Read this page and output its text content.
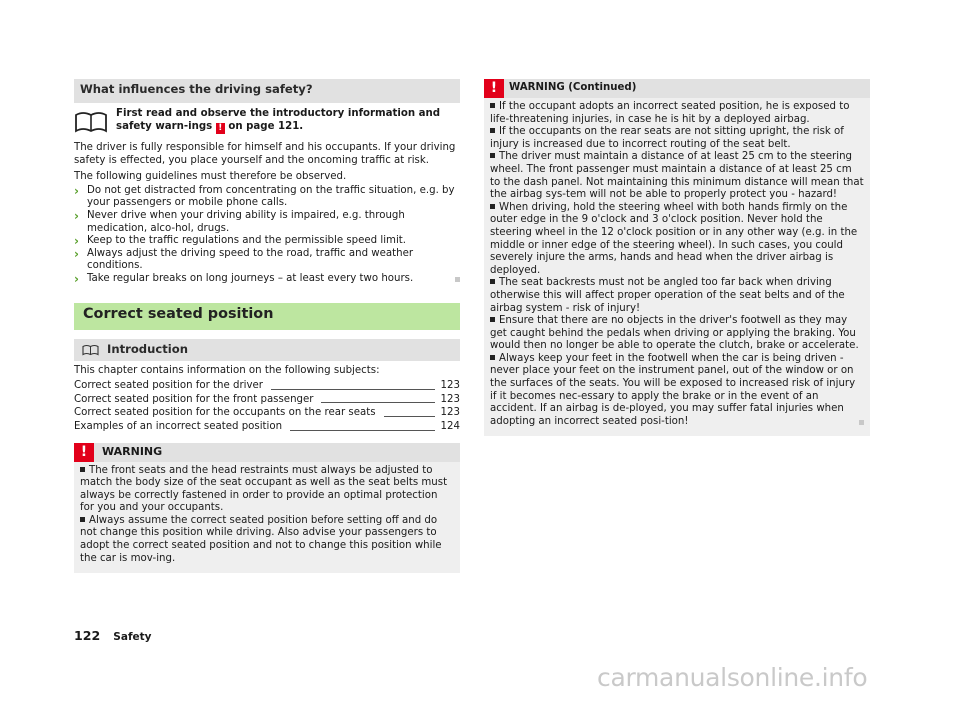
What influences the driving safety?
First read and observe the introductory information and safety warn-ings ! on page 121.

The driver is fully responsible for himself and his occupants. If your driving safety is effected, you place yourself and the oncoming traffic at risk.

The following guidelines must therefore be observed.

› Do not get distracted from concentrating on the traffic situation, e.g. by your passengers or mobile phone calls.
› Never drive when your driving ability is impaired, e.g. through medication, alco-hol, drugs.
› Keep to the traffic regulations and the permissible speed limit.
› Always adjust the driving speed to the road, traffic and weather conditions.
› Take regular breaks on long journeys – at least every two hours.
Correct seated position
Introduction

This chapter contains information on the following subjects:

Correct seated position for the driver	123
Correct seated position for the front passenger	123
Correct seated position for the occupants on the rear seats	123
Examples of an incorrect seated position	124
!	WARNING

The front seats and the head restraints must always be adjusted to match the body size of the seat occupant as well as the seat belts must always be correctly fastened in order to provide an optimal protection for you and your occupants.

Always assume the correct seated position before setting off and do not change this position while driving. Also advise your passengers to adopt the correct seated position and not to change this position while the car is mov-ing.

!	WARNING (Continued)

If the occupant adopts an incorrect seated position, he is exposed to life-threatening injuries, in case he is hit by a deployed airbag.

If the occupants on the rear seats are not sitting upright, the risk of injury is increased due to incorrect routing of the seat belt.

The driver must maintain a distance of at least 25 cm to the steering wheel. The front passenger must maintain a distance of at least 25 cm to the dash panel. Not maintaining this minimum distance will mean that the airbag sys-tem will not be able to properly protect you - hazard!

When driving, hold the steering wheel with both hands firmly on the outer edge in the 9 o'clock and 3 o'clock position. Never hold the steering wheel in the 12 o'clock position or in any other way (e.g. in the middle or inner edge of the steering wheel). In such cases, you could severely injure the arms, hands and head when the driver airbag is deployed.

The seat backrests must not be angled too far back when driving otherwise this will affect proper operation of the seat belts and of the airbag system - risk of injury!

Ensure that there are no objects in the driver's footwell as they may get caught behind the pedals when driving or applying the braking. You would then no longer be able to operate the clutch, brake or accelerate.

Always keep your feet in the footwell when the car is being driven - never place your feet on the instrument panel, out of the window or on the surfaces of the seats. You will be exposed to increased risk of injury if it becomes nec-essary to apply the brake or in the event of an accident. If an airbag is de-ployed, you may suffer fatal injuries when adopting an incorrect seated posi-tion!

122 Safety
carmanualsonline.info
